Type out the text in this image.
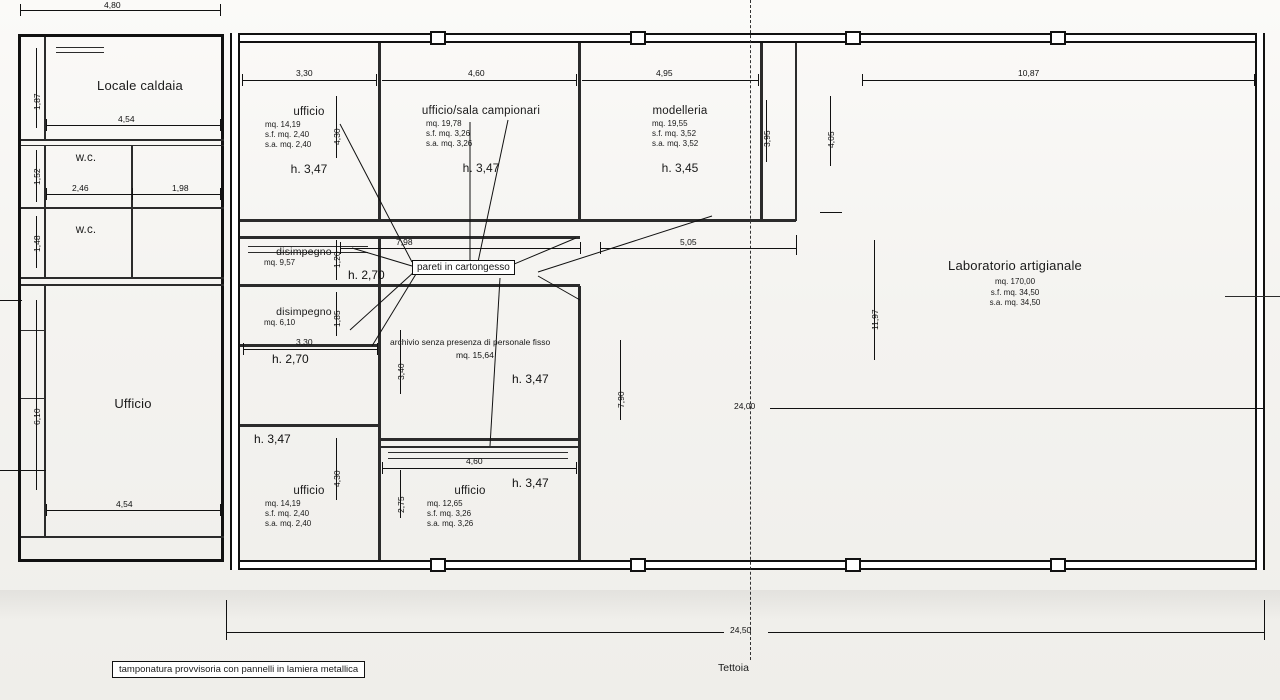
4,80
4,54
2,46	1,98
4,54
1,87
1,52
1,48
6,10
3,30	4,60	4,95	10,87
7,98	5,05
3,30
4,60
4,30
1,20
1,85
3,40
4,30
2,75
7,90
3,95	4,05
11,97
24,00
24,50
Locale caldaia
w.c.
w.c.
Ufficio
ufficio
mq. 14,19
s.f. mq. 2,40
s.a. mq. 2,40
h. 3,47
ufficio/sala campionari
mq. 19,78
s.f. mq. 3,26
s.a. mq. 3,26
h. 3,47
modelleria
mq. 19,55
s.f. mq. 3,52
s.a. mq. 3,52
h. 3,45
disimpegno
mq. 9,57
h. 2,70
disimpegno
mq. 6,10
h. 2,70
archivio senza presenza di personale fisso
mq. 15,64
h. 3,47
h. 3,47
ufficio
mq. 14,19
s.f. mq. 2,40
s.a. mq. 2,40
ufficio
mq. 12,65
s.f. mq. 3,26
s.a. mq. 3,26
h. 3,47
Laboratorio artigianale
mq. 170,00
s.f. mq. 34,50
s.a. mq. 34,50
pareti in cartongesso
tamponatura provvisoria con pannelli in lamiera metallica	Tettoia
